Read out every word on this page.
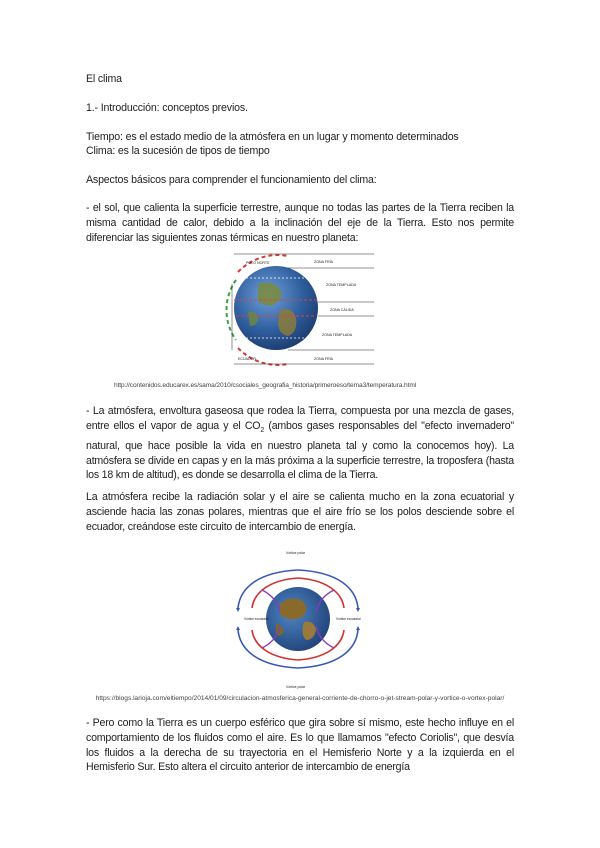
El clima
1.- Introducción: conceptos previos.
Tiempo: es el estado medio de la atmósfera en un lugar y momento determinados
Clima: es la sucesión de tipos de tiempo
Aspectos básicos para comprender el funcionamiento del clima:
- el sol, que calienta la superficie terrestre, aunque no todas las partes de la Tierra reciben la misma cantidad de calor, debido a la inclinación del eje de la Tierra. Esto nos permite diferenciar las siguientes zonas térmicas en nuestro planeta:
POLO NORTE	ZONA FRÍA
ZONA TEMPLADA
ZONA CÁLIDA
ZONA TEMPLADA
ECUADOR	ZONA FRÍA
http://contenidos.educarex.es/sama/2010/csociales_geografia_historia/primeroeso/tema3/temperatura.html
- La atmósfera, envoltura gaseosa que rodea la Tierra, compuesta por una mezcla de gases, entre ellos el vapor de agua y el $CO_2$ (ambos gases responsables del "efecto invernadero" natural, que hace posible la vida en nuestro planeta tal y como la conocemos hoy). La atmósfera se divide en capas y en la más próxima a la superficie terrestre, la troposfera (hasta los 18 km de altitud), es donde se desarrolla el clima de la Tierra.
La atmósfera recibe la radiación solar y el aire se calienta mucho en la zona ecuatorial y asciende hacia las zonas polares, mientras que el aire frío se los polos desciende sobre el ecuador, creándose este circuito de intercambio de energía.
Vórtice polar
Vórtice ecuatorial	Vórtice ecuatorial
Vórtice polar
https://blogs.larioja.com/eltiempo/2014/01/09/circulacion-atmosferica-general-corriente-de-chorro-o-jet-stream-polar-y-vortice-o-vortex-polar/
- Pero como la Tierra es un cuerpo esférico que gira sobre sí mismo, este hecho influye en el comportamiento de los fluidos como el aire. Es lo que llamamos "efecto Coriolis", que desvía los fluidos a la derecha de su trayectoria en el Hemisferio Norte y a la izquierda en el Hemisferio Sur. Esto altera el circuito anterior de intercambio de energía
